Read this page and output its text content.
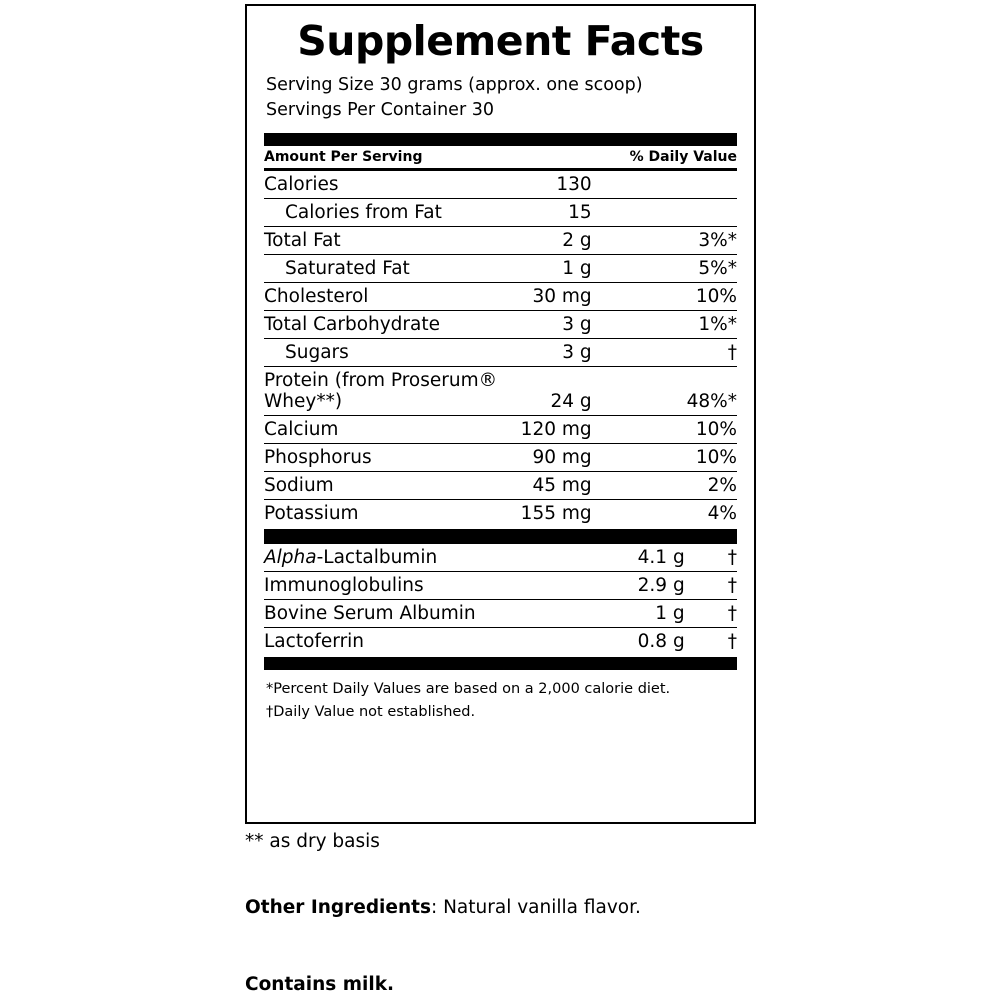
Supplement Facts
Serving Size 30 grams (approx. one scoop)
Servings Per Container 30
Amount Per Serving		% Daily Value
Calories	130	
Calories from Fat	15	
Total Fat	2 g	3%*
Saturated Fat	1 g	5%*
Cholesterol	30 mg	10%
Total Carbohydrate	3 g	1%*
Sugars	3 g	†
Protein (from Proserum® Whey**)	24 g	48%*
Calcium	120 mg	10%
Phosphorus	90 mg	10%
Sodium	45 mg	2%
Potassium	155 mg	4%
Alpha-Lactalbumin	4.1 g	†
Immunoglobulins	2.9 g	†
Bovine Serum Albumin	1 g	†
Lactoferrin	0.8 g	†
*Percent Daily Values are based on a 2,000 calorie diet.
†Daily Value not established.
** as dry basis
Other Ingredients: Natural vanilla flavor.
Contains milk.
